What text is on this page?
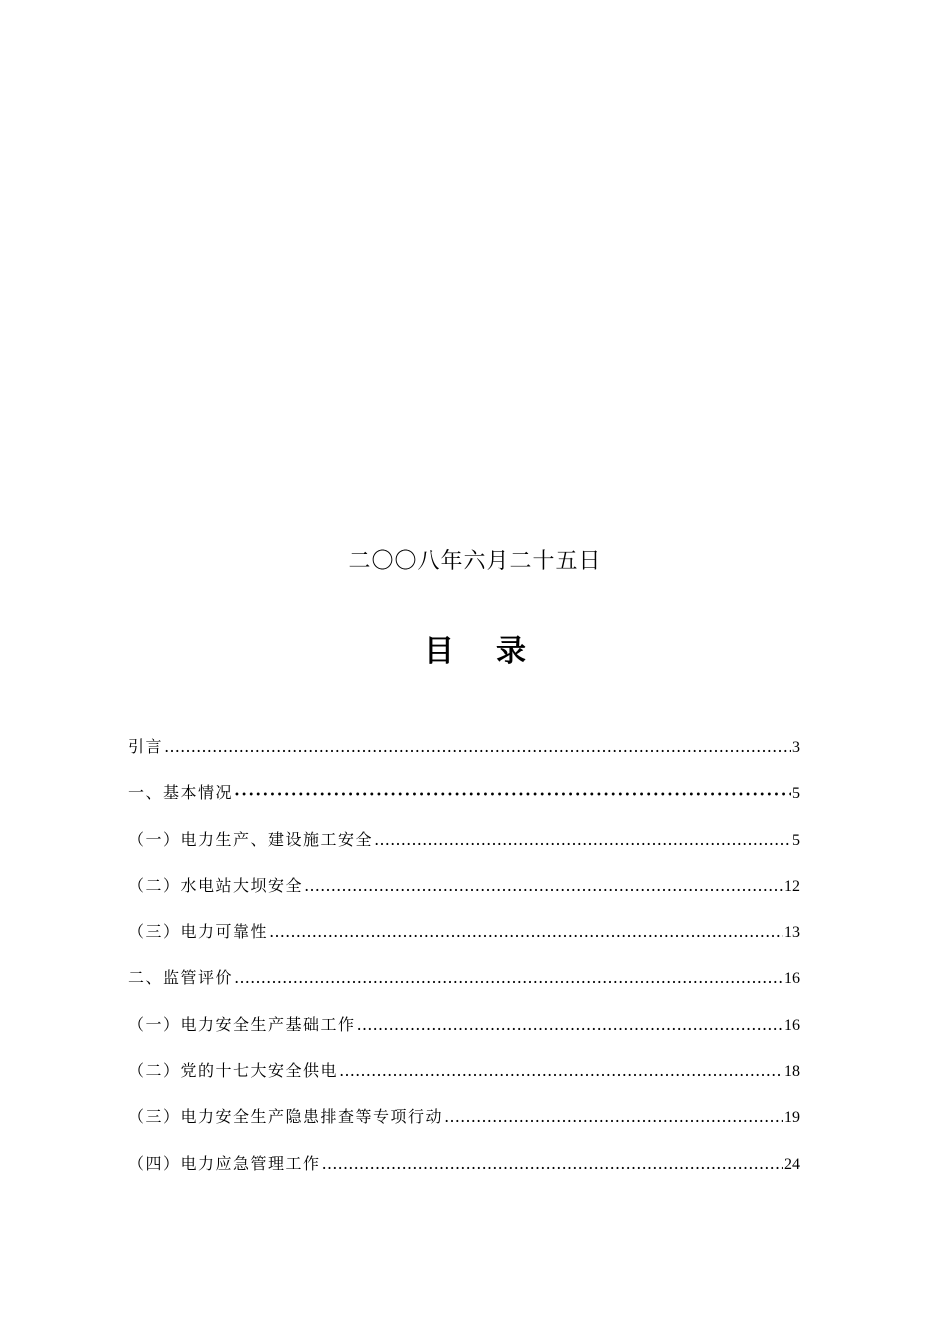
二〇〇八年六月二十五日
目 录
引言 …………………………………………………………………………………………………………………………………………………………	3
一、基本情况 •••••	5
（一）电力生产、建设施工安全 …………………………………………………………………………………………………………………………………………………………	5
（二）水电站大坝安全 …………………………………………………………………………………………………………………………………………………………	12
（三）电力可靠性 …………………………………………………………………………………………………………………………………………………………	13
二、监管评价 …………………………………………………………………………………………………………………………………………………………	16
（一）电力安全生产基础工作 …………………………………………………………………………………………………………………………………………………………	16
（二）党的十七大安全供电 …………………………………………………………………………………………………………………………………………………………	18
（三）电力安全生产隐患排查等专项行动 …………………………………………………………………………………………………………………………………………………………	19
（四）电力应急管理工作 …………………………………………………………………………………………………………………………………………………………	24
